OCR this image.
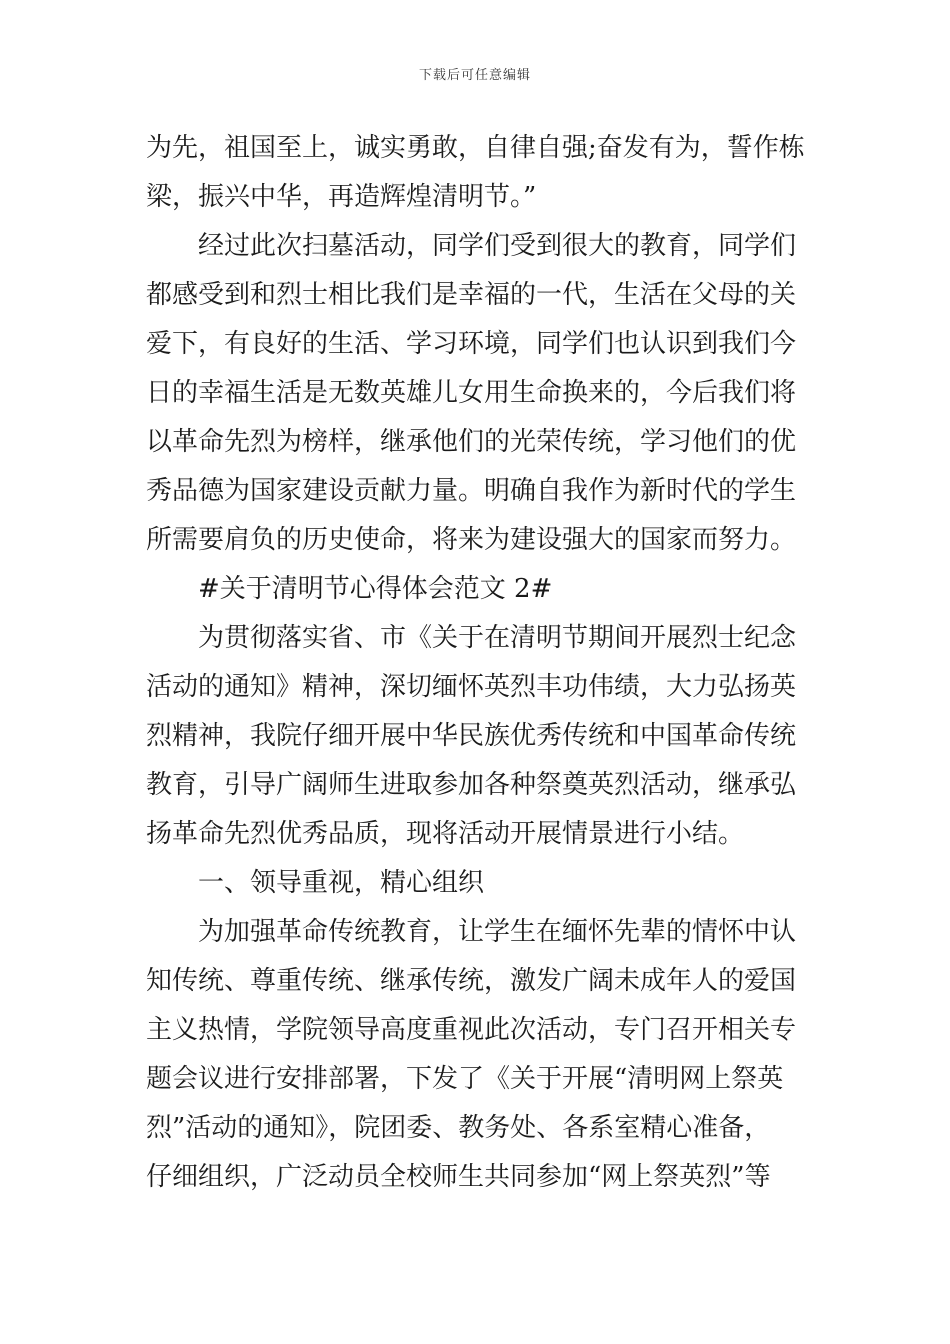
下载后可任意编辑
为先，祖国至上，诚实勇敢，自律自强;奋发有为，誓作栋
梁，振兴中华，再造辉煌清明节。”
经过此次扫墓活动，同学们受到很大的教育，同学们
都感受到和烈士相比我们是幸福的一代，生活在父母的关
爱下，有良好的生活、学习环境，同学们也认识到我们今
日的幸福生活是无数英雄儿女用生命换来的，今后我们将
以革命先烈为榜样，继承他们的光荣传统，学习他们的优
秀品德为国家建设贡献力量。明确自我作为新时代的学生
所需要肩负的历史使命，将来为建设强大的国家而努力。
#关于清明节心得体会范文 2#
为贯彻落实省、市《关于在清明节期间开展烈士纪念
活动的通知》精神，深切缅怀英烈丰功伟绩，大力弘扬英
烈精神，我院仔细开展中华民族优秀传统和中国革命传统
教育，引导广阔师生进取参加各种祭奠英烈活动，继承弘
扬革命先烈优秀品质，现将活动开展情景进行小结。
一、领导重视，精心组织
为加强革命传统教育，让学生在缅怀先辈的情怀中认
知传统、尊重传统、继承传统，激发广阔未成年人的爱国
主义热情，学院领导高度重视此次活动，专门召开相关专
题会议进行安排部署，下发了《关于开展“清明网上祭英
烈”活动的通知》，院团委、教务处、各系室精心准备，
仔细组织，广泛动员全校师生共同参加“网上祭英烈”等
